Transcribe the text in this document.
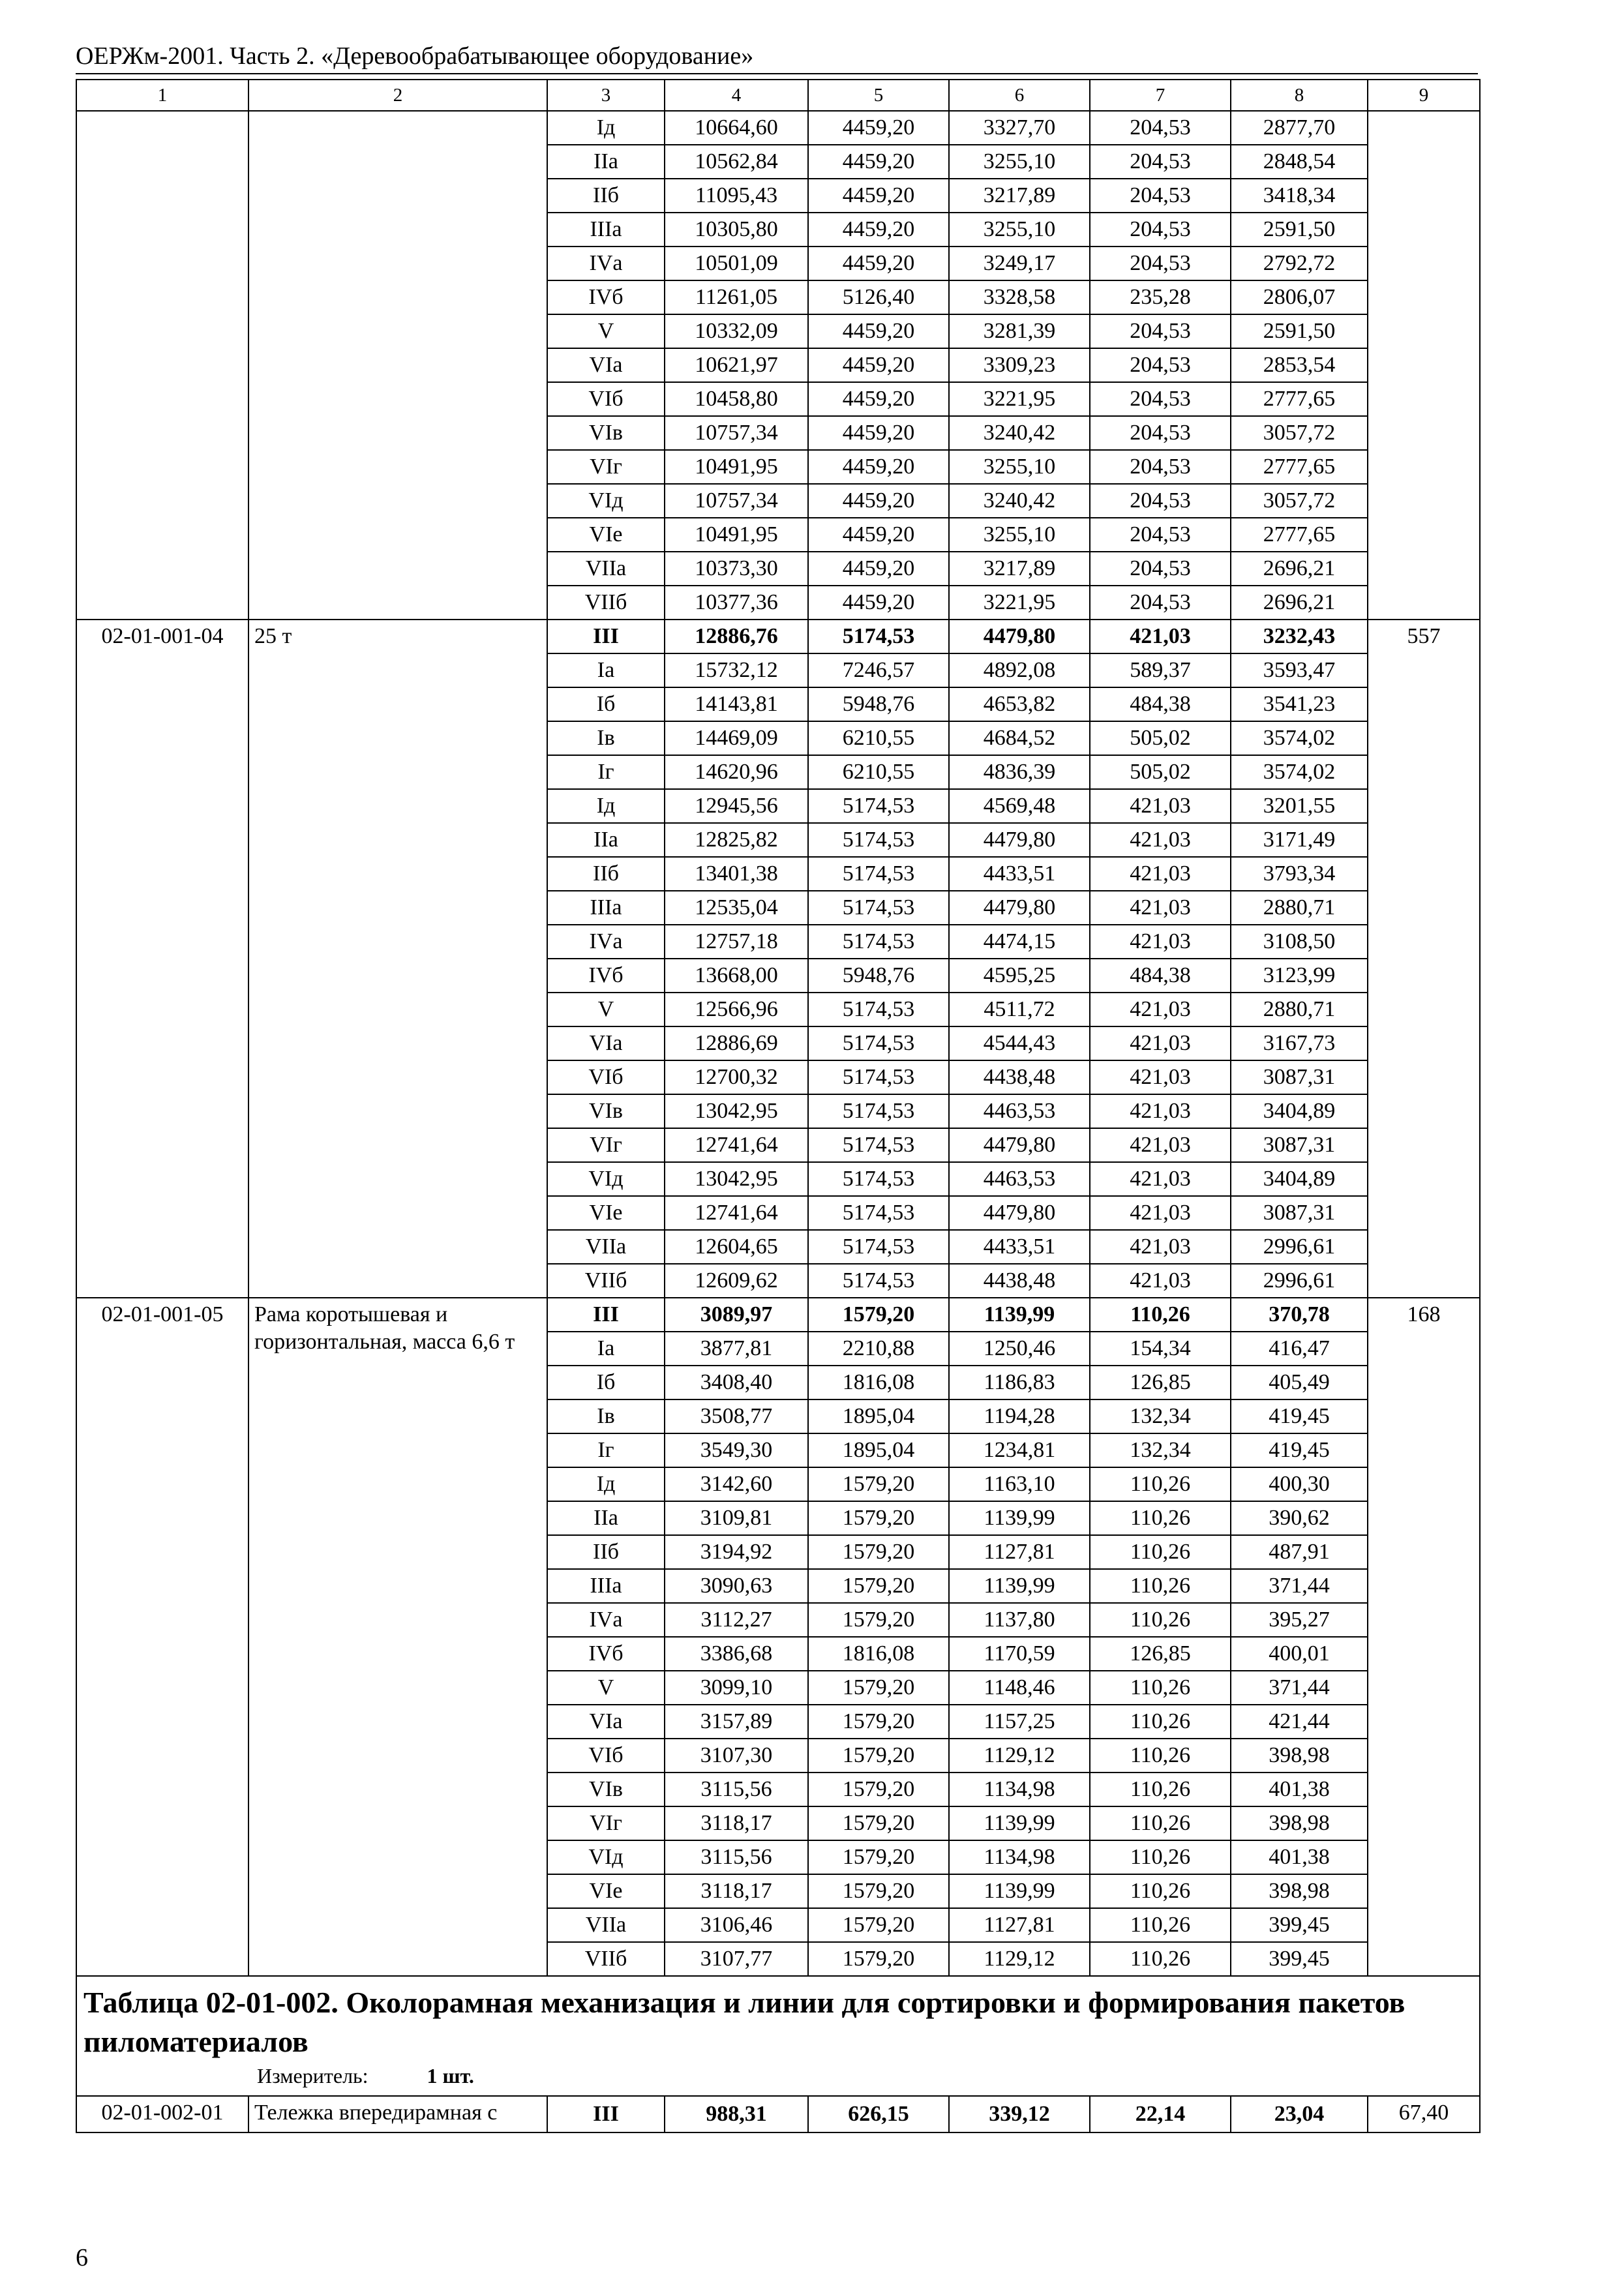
ОЕРЖм-2001. Часть 2. «Деревообрабатывающее оборудование»
1	2	3	4	5	6	7	8	9
		Iд	10664,60	4459,20	3327,70	204,53	2877,70	
		IIа	10562,84	4459,20	3255,10	204,53	2848,54	
		IIб	11095,43	4459,20	3217,89	204,53	3418,34	
		IIIа	10305,80	4459,20	3255,10	204,53	2591,50	
		IVа	10501,09	4459,20	3249,17	204,53	2792,72	
		IVб	11261,05	5126,40	3328,58	235,28	2806,07	
		V	10332,09	4459,20	3281,39	204,53	2591,50	
		VIа	10621,97	4459,20	3309,23	204,53	2853,54	
		VIб	10458,80	4459,20	3221,95	204,53	2777,65	
		VIв	10757,34	4459,20	3240,42	204,53	3057,72	
		VIг	10491,95	4459,20	3255,10	204,53	2777,65	
		VIд	10757,34	4459,20	3240,42	204,53	3057,72	
		VIе	10491,95	4459,20	3255,10	204,53	2777,65	
		VIIа	10373,30	4459,20	3217,89	204,53	2696,21	
		VIIб	10377,36	4459,20	3221,95	204,53	2696,21	
02-01-001-04	25 т	III	12886,76	5174,53	4479,80	421,03	3232,43	557
		Iа	15732,12	7246,57	4892,08	589,37	3593,47	
		Iб	14143,81	5948,76	4653,82	484,38	3541,23	
		Iв	14469,09	6210,55	4684,52	505,02	3574,02	
		Iг	14620,96	6210,55	4836,39	505,02	3574,02	
		Iд	12945,56	5174,53	4569,48	421,03	3201,55	
		IIа	12825,82	5174,53	4479,80	421,03	3171,49	
		IIб	13401,38	5174,53	4433,51	421,03	3793,34	
		IIIа	12535,04	5174,53	4479,80	421,03	2880,71	
		IVа	12757,18	5174,53	4474,15	421,03	3108,50	
		IVб	13668,00	5948,76	4595,25	484,38	3123,99	
		V	12566,96	5174,53	4511,72	421,03	2880,71	
		VIа	12886,69	5174,53	4544,43	421,03	3167,73	
		VIб	12700,32	5174,53	4438,48	421,03	3087,31	
		VIв	13042,95	5174,53	4463,53	421,03	3404,89	
		VIг	12741,64	5174,53	4479,80	421,03	3087,31	
		VIд	13042,95	5174,53	4463,53	421,03	3404,89	
		VIе	12741,64	5174,53	4479,80	421,03	3087,31	
		VIIа	12604,65	5174,53	4433,51	421,03	2996,61	
		VIIб	12609,62	5174,53	4438,48	421,03	2996,61	
02-01-001-05	Рама коротышевая и горизонтальная, масса 6,6 т	III	3089,97	1579,20	1139,99	110,26	370,78	168
		Iа	3877,81	2210,88	1250,46	154,34	416,47	
		Iб	3408,40	1816,08	1186,83	126,85	405,49	
		Iв	3508,77	1895,04	1194,28	132,34	419,45	
		Iг	3549,30	1895,04	1234,81	132,34	419,45	
		Iд	3142,60	1579,20	1163,10	110,26	400,30	
		IIа	3109,81	1579,20	1139,99	110,26	390,62	
		IIб	3194,92	1579,20	1127,81	110,26	487,91	
		IIIа	3090,63	1579,20	1139,99	110,26	371,44	
		IVа	3112,27	1579,20	1137,80	110,26	395,27	
		IVб	3386,68	1816,08	1170,59	126,85	400,01	
		V	3099,10	1579,20	1148,46	110,26	371,44	
		VIа	3157,89	1579,20	1157,25	110,26	421,44	
		VIб	3107,30	1579,20	1129,12	110,26	398,98	
		VIв	3115,56	1579,20	1134,98	110,26	401,38	
		VIг	3118,17	1579,20	1139,99	110,26	398,98	
		VIд	3115,56	1579,20	1134,98	110,26	401,38	
		VIе	3118,17	1579,20	1139,99	110,26	398,98	
		VIIа	3106,46	1579,20	1127,81	110,26	399,45	
		VIIб	3107,77	1579,20	1129,12	110,26	399,45	

Таблица 02-01-002. Околорамная механизация и линии для сортировки и формирования пакетов пиломатериалов
Измеритель: 1 шт.								

02-01-002-01	Тележка впередирамная с	III	988,31	626,15	339,12	22,14	23,04	67,40
6
